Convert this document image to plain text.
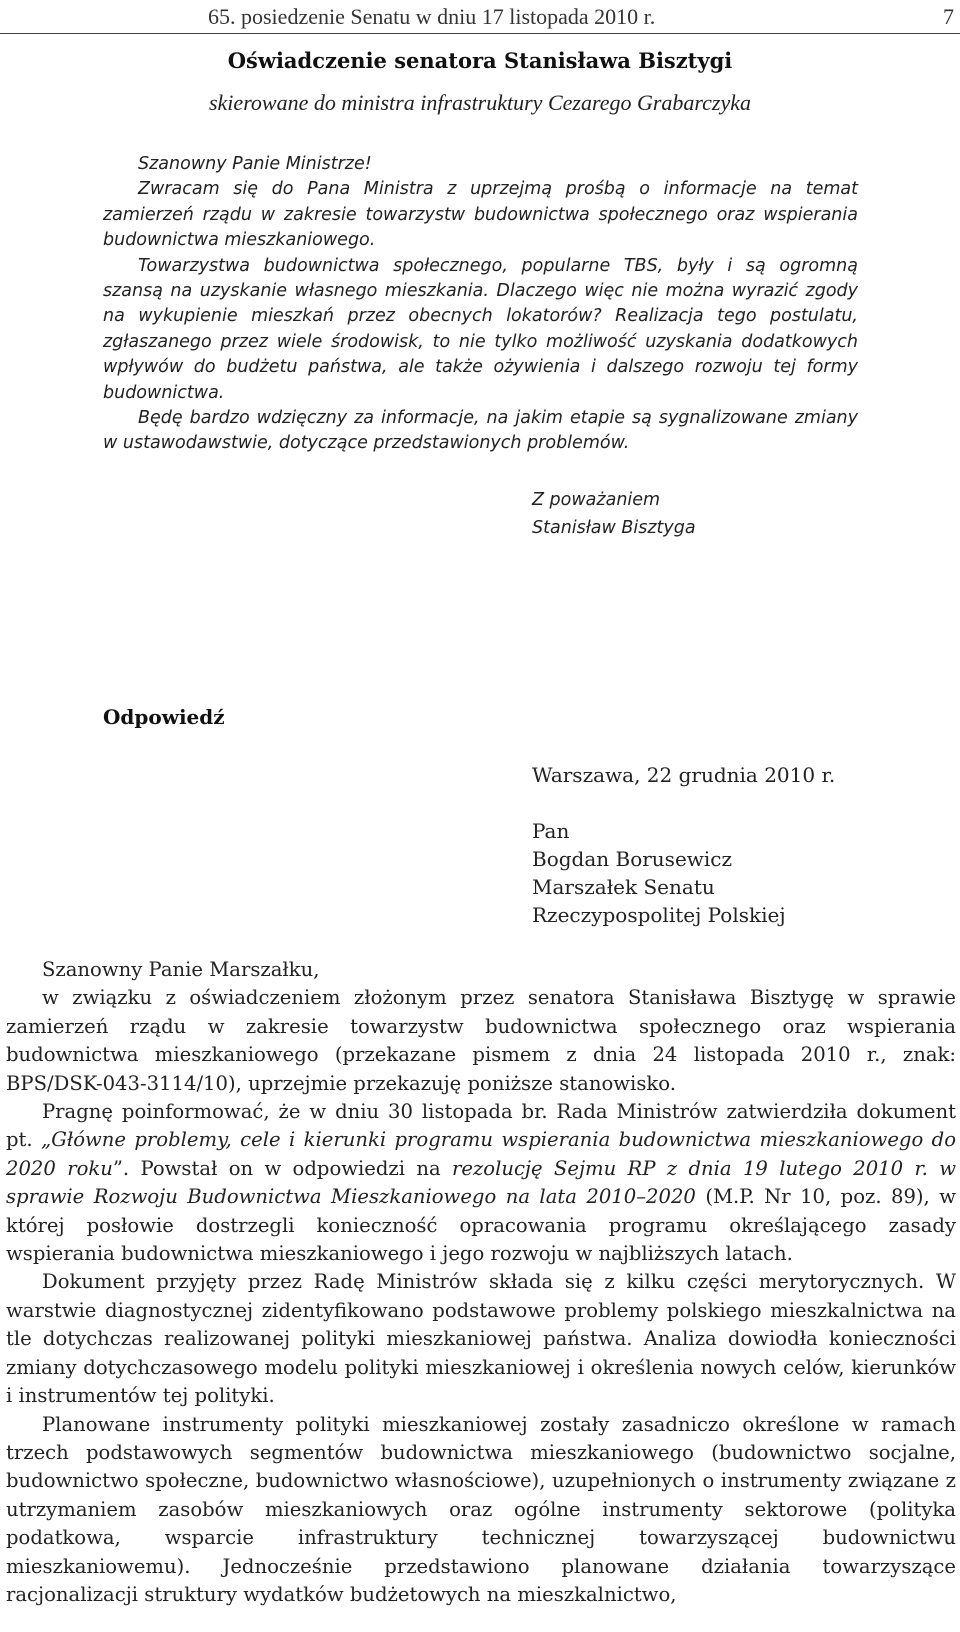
65. posiedzenie Senatu w dniu 17 listopada 2010 r.	7
Oświadczenie senatora Stanisława Bisztygi
skierowane do ministra infrastruktury Cezarego Grabarczyka

Szanowny Panie Ministrze!

Zwracam się do Pana Ministra z uprzejmą prośbą o informacje na temat zamierzeń rządu w zakresie towarzystw budownictwa społecznego oraz wspierania budownictwa mieszkaniowego.

Towarzystwa budownictwa społecznego, popularne TBS, były i są ogromną szansą na uzyskanie własnego mieszkania. Dlaczego więc nie można wyrazić zgody na wykupienie mieszkań przez obecnych lokatorów? Realizacja tego postulatu, zgłaszanego przez wiele środowisk, to nie tylko możliwość uzyskania dodatkowych wpływów do budżetu państwa, ale także ożywienia i dalszego rozwoju tej formy budownictwa.

Będę bardzo wdzięczny za informacje, na jakim etapie są sygnalizowane zmiany w ustawodawstwie, dotyczące przedstawionych problemów.

Z poważaniem
Stanisław Bisztyga
Odpowiedź
Warszawa, 22 grudnia 2010 r.
Pan
Bogdan Borusewicz
Marszałek Senatu
Rzeczypospolitej Polskiej

Szanowny Panie Marszałku,

w związku z oświadczeniem złożonym przez senatora Stanisława Bisztygę w sprawie zamierzeń rządu w zakresie towarzystw budownictwa społecznego oraz wspierania budownictwa mieszkaniowego (przekazane pismem z dnia 24 listopada 2010 r., znak: BPS/DSK-043-3114/10), uprzejmie przekazuję poniższe stanowisko.

Pragnę poinformować, że w dniu 30 listopada br. Rada Ministrów zatwierdziła dokument pt. „Główne problemy, cele i kierunki programu wspierania budownictwa mieszkaniowego do 2020 roku”. Powstał on w odpowiedzi na rezolucję Sejmu RP z dnia 19 lutego 2010 r. w sprawie Rozwoju Budownictwa Mieszkaniowego na lata 2010–2020 (M.P. Nr 10, poz. 89), w której posłowie dostrzegli konieczność opracowania programu określającego zasady wspierania budownictwa mieszkaniowego i jego rozwoju w najbliższych latach.

Dokument przyjęty przez Radę Ministrów składa się z kilku części merytorycznych. W warstwie diagnostycznej zidentyfikowano podstawowe problemy polskiego mieszkalnictwa na tle dotychczas realizowanej polityki mieszkaniowej państwa. Analiza dowiodła konieczności zmiany dotychczasowego modelu polityki mieszkaniowej i określenia nowych celów, kierunków i instrumentów tej polityki.

Planowane instrumenty polityki mieszkaniowej zostały zasadniczo określone w ramach trzech podstawowych segmentów budownictwa mieszkaniowego (budownictwo socjalne, budownictwo społeczne, budownictwo własnościowe), uzupełnionych o instrumenty związane z utrzymaniem zasobów mieszkaniowych oraz ogólne instrumenty sektorowe (polityka podatkowa, wsparcie infrastruktury technicznej towarzyszącej budownictwu mieszkaniowemu). Jednocześnie przedstawiono planowane działania towarzyszące racjonalizacji struktury wydatków budżetowych na mieszkalnictwo,
